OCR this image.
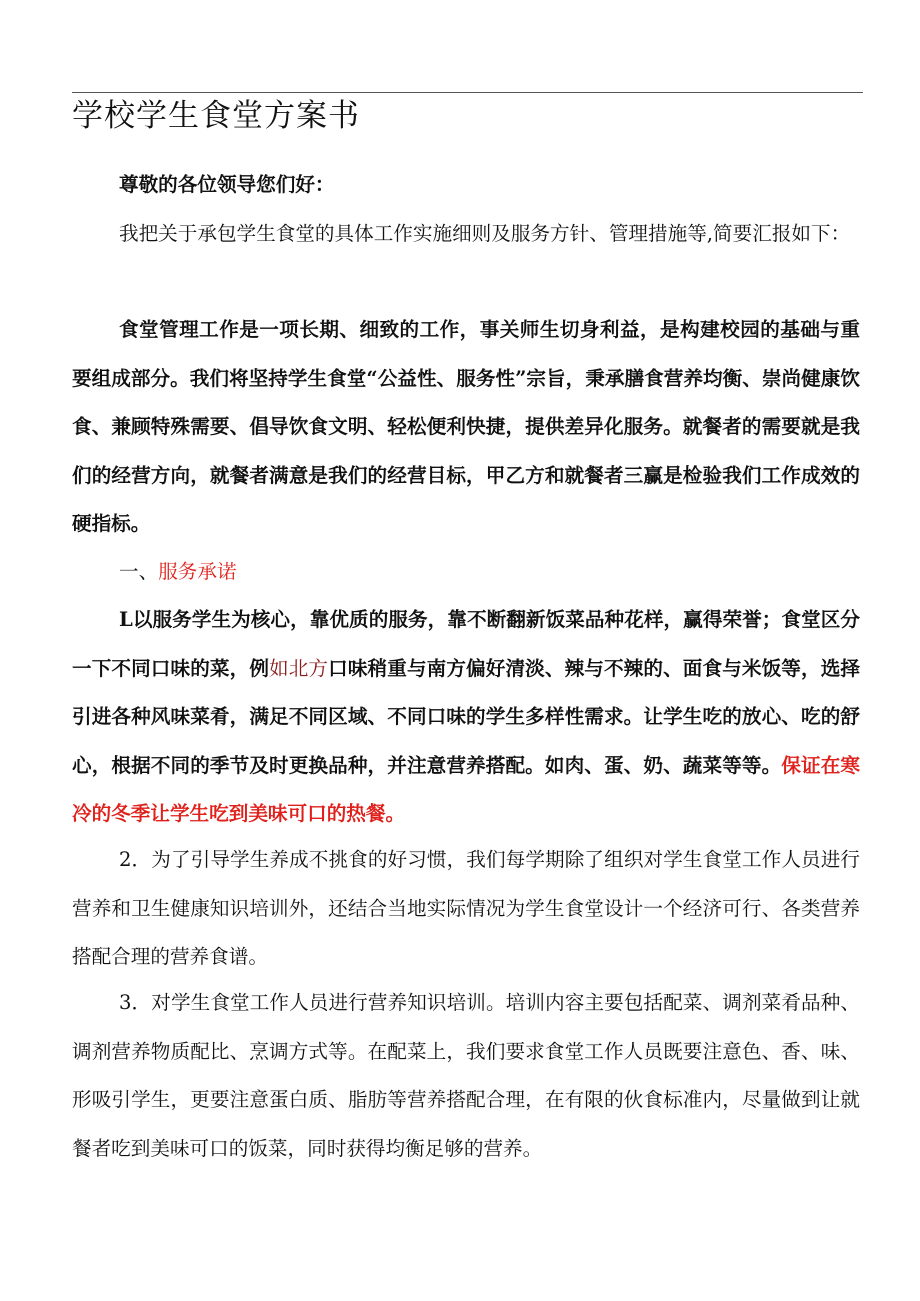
学校学生食堂方案书

尊敬的各位领导您们好：

我把关于承包学生食堂的具体工作实施细则及服务方针、管理措施等,简要汇报如下：

食堂管理工作是一项长期、细致的工作，事关师生切身利益，是构建校园的基础与重要组成部分。我们将坚持学生食堂“公益性、服务性”宗旨，秉承膳食营养均衡、崇尚健康饮食、兼顾特殊需要、倡导饮食文明、轻松便利快捷，提供差异化服务。就餐者的需要就是我们的经营方向，就餐者满意是我们的经营目标，甲乙方和就餐者三赢是检验我们工作成效的硬指标。

一、服务承诺

L以服务学生为核心，靠优质的服务，靠不断翻新饭菜品种花样，赢得荣誉；食堂区分一下不同口味的菜，例如北方口味稍重与南方偏好清淡、辣与不辣的、面食与米饭等，选择引进各种风味菜肴，满足不同区域、不同口味的学生多样性需求。让学生吃的放心、吃的舒心，根据不同的季节及时更换品种，并注意营养搭配。如肉、蛋、奶、蔬菜等等。保证在寒冷的冬季让学生吃到美味可口的热餐。

2．为了引导学生养成不挑食的好习惯，我们每学期除了组织对学生食堂工作人员进行营养和卫生健康知识培训外，还结合当地实际情况为学生食堂设计一个经济可行、各类营养搭配合理的营养食谱。

3．对学生食堂工作人员进行营养知识培训。培训内容主要包括配菜、调剂菜肴品种、调剂营养物质配比、烹调方式等。在配菜上，我们要求食堂工作人员既要注意色、香、味、形吸引学生，更要注意蛋白质、脂肪等营养搭配合理，在有限的伙食标准内，尽量做到让就餐者吃到美味可口的饭菜，同时获得均衡足够的营养。
